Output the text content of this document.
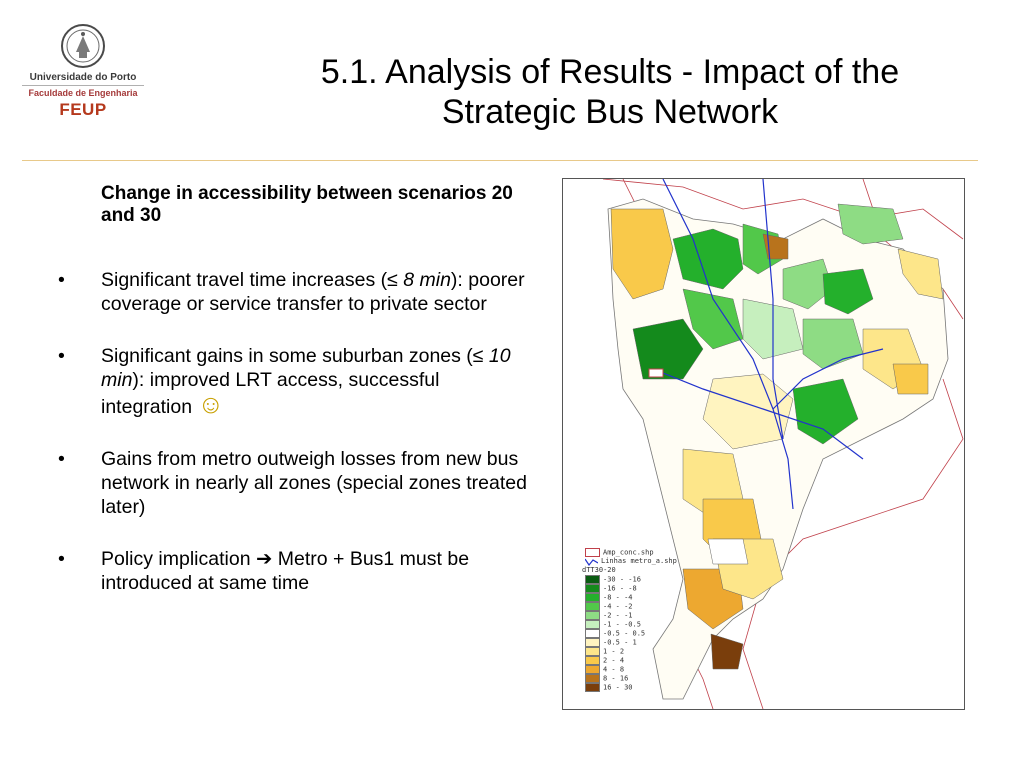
Universidade do Porto
Faculdade de Engenharia
FEUP
5.1. Analysis of Results - Impact of the
Strategic Bus Network
Change in accessibility between scenarios 20 and 30
• Significant travel time increases (≤ 8 min): poorer coverage or service transfer to private sector
• Significant gains in some suburban zones (≤ 10 min): improved LRT access, successful integration ☺
• Gains from metro outweigh losses from new bus network in nearly all zones (special zones treated later)
• Policy implication ➔ Metro + Bus1 must be introduced at same time
Amp_conc.shp
Linhas metro_a.shp
dTT30-20
-30 - -16
-16 - -8
-8 - -4
-4 - -2
-2 - -1
-1 - -0.5
-0.5 - 0.5
-0.5 - 1
1 - 2
2 - 4
4 - 8
8 - 16
16 - 30
